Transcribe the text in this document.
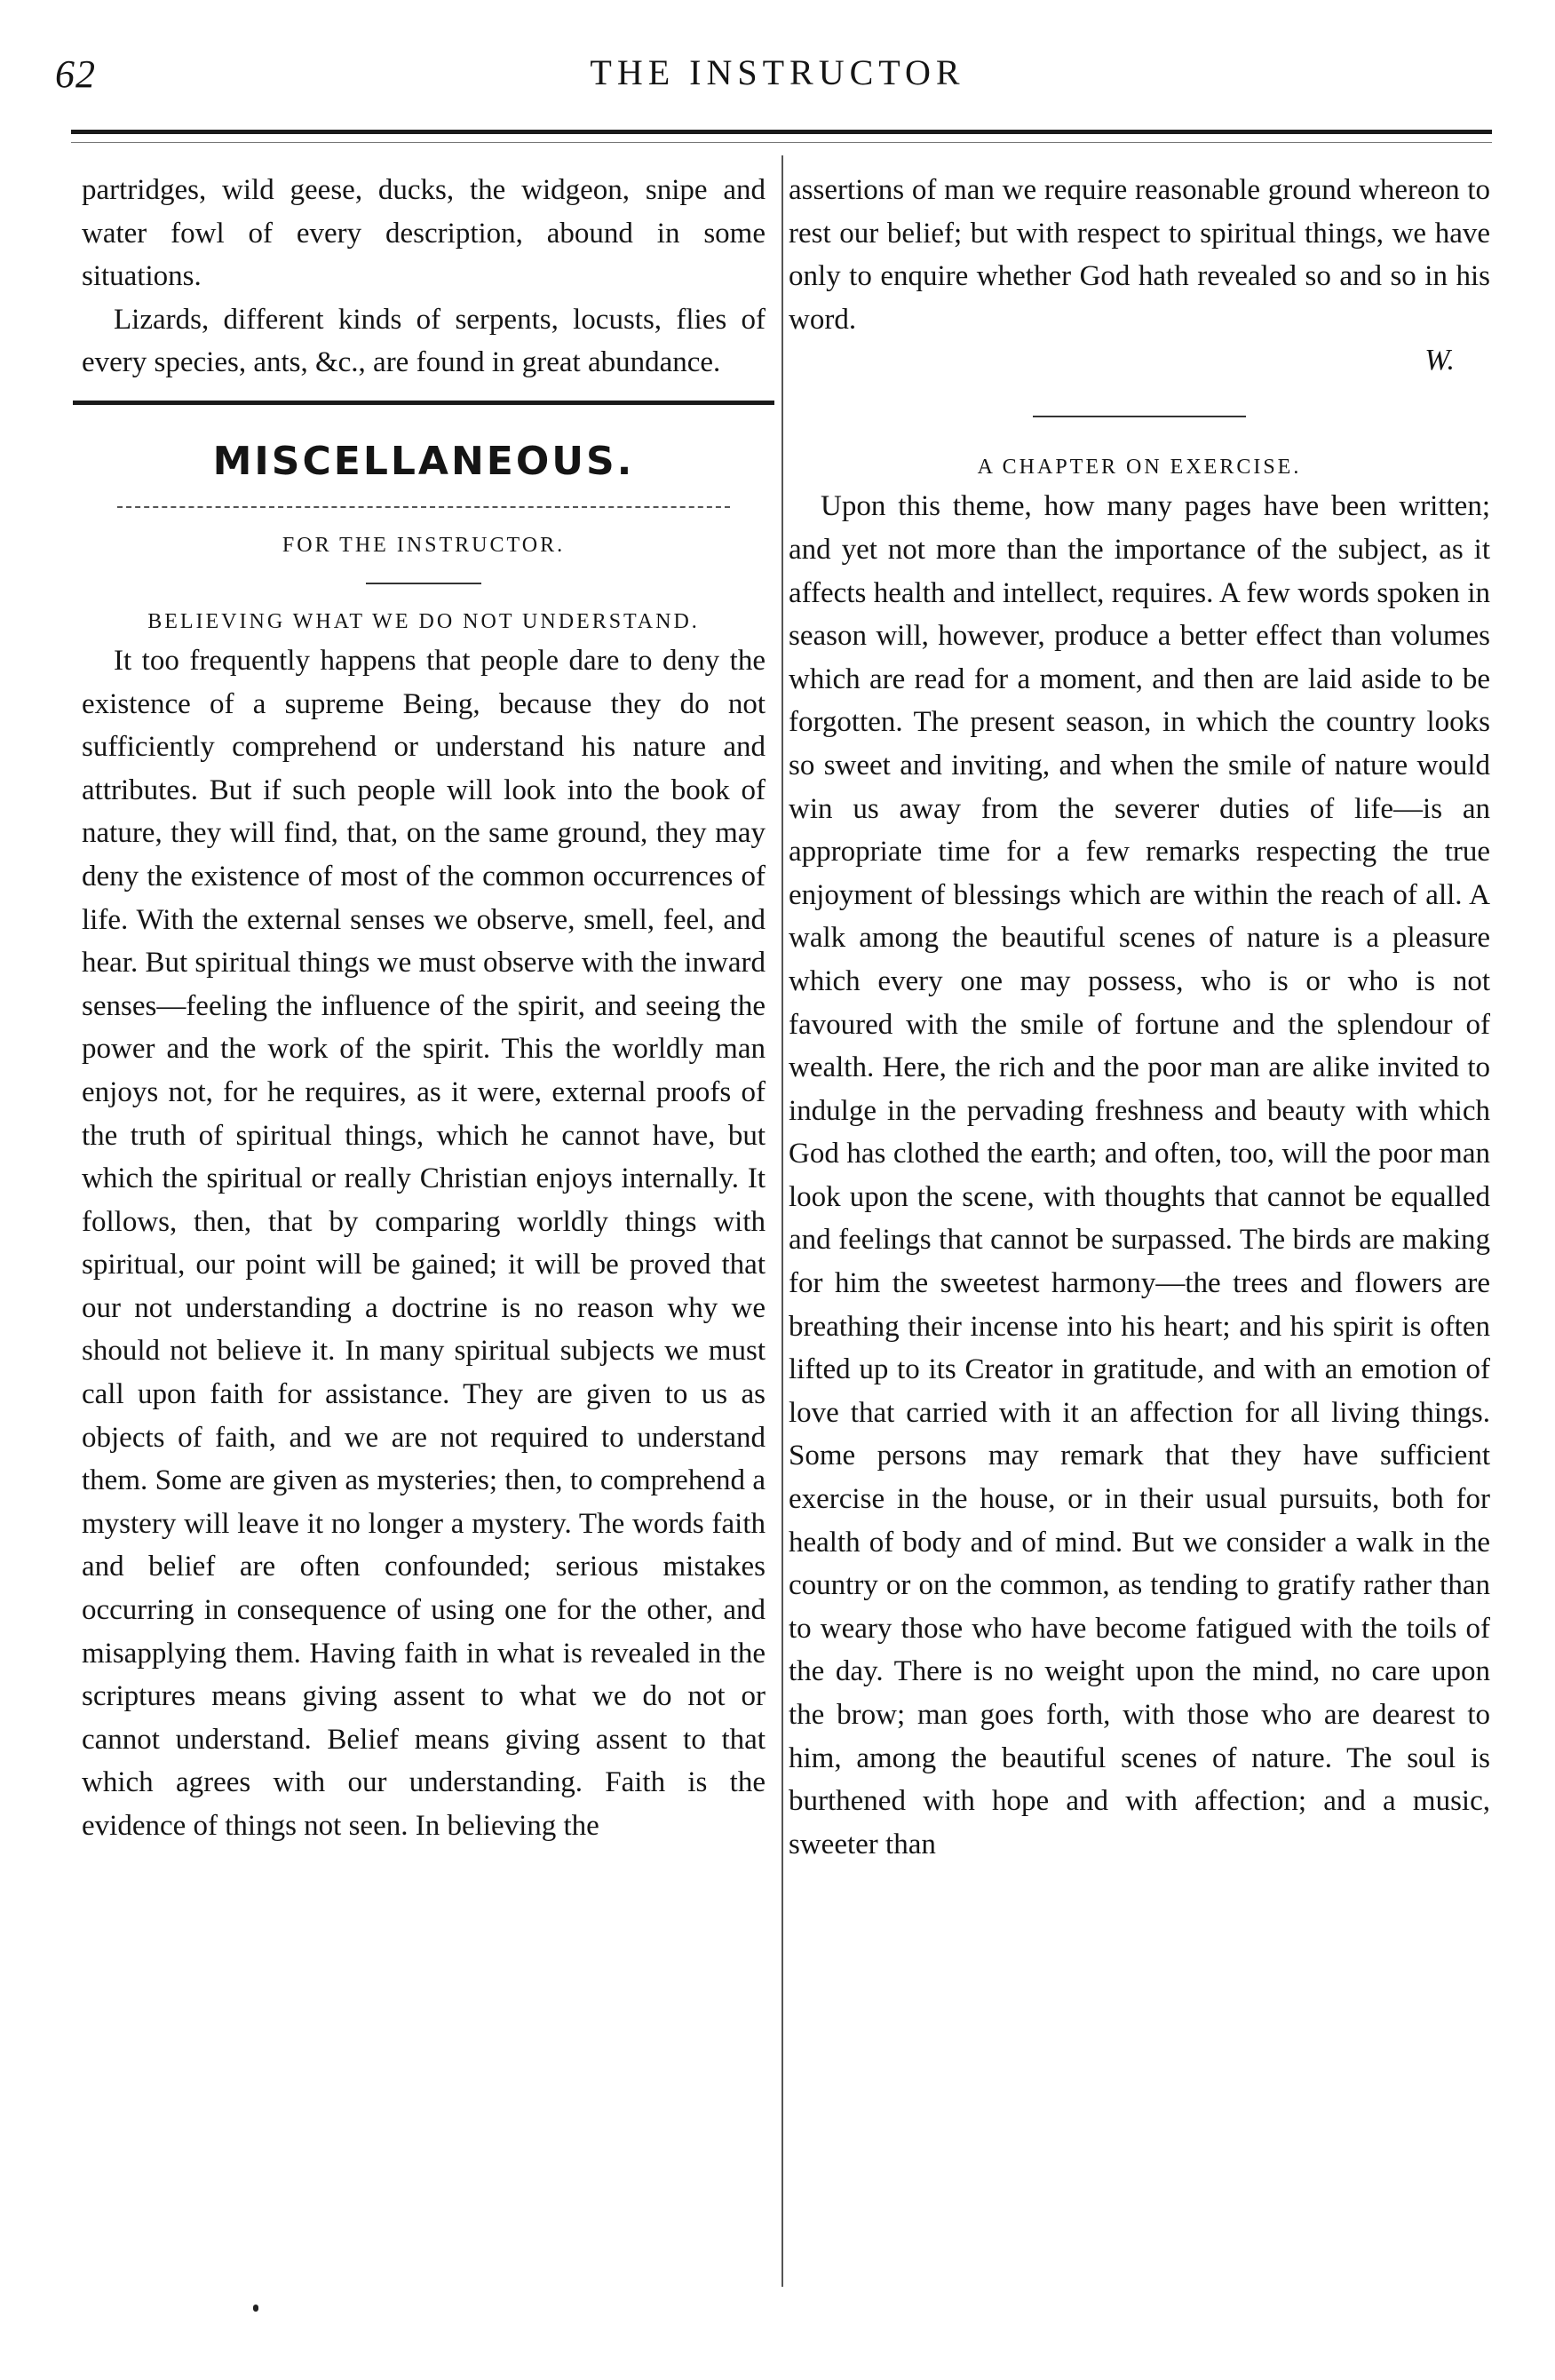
62	THE INSTRUCTOR

partridges, wild geese, ducks, the widgeon, snipe and water fowl of every description, abound in some situations.

Lizards, different kinds of serpents, locusts, flies of every species, ants, &c., are found in great abundance.

MISCELLANEOUS.
FOR THE INSTRUCTOR.
BELIEVING WHAT WE DO NOT UNDERSTAND.

It too frequently happens that people dare to deny the existence of a supreme Being, because they do not sufficiently comprehend or understand his nature and attributes. But if such people will look into the book of nature, they will find, that, on the same ground, they may deny the existence of most of the common occurrences of life. With the external senses we observe, smell, feel, and hear. But spiritual things we must observe with the inward senses—feeling the influence of the spirit, and seeing the power and the work of the spirit. This the worldly man enjoys not, for he requires, as it were, external proofs of the truth of spiritual things, which he cannot have, but which the spiritual or really Christian enjoys internally. It follows, then, that by comparing worldly things with spiritual, our point will be gained; it will be proved that our not understanding a doctrine is no reason why we should not believe it. In many spiritual subjects we must call upon faith for assistance. They are given to us as objects of faith, and we are not required to understand them. Some are given as mysteries; then, to comprehend a mystery will leave it no longer a mystery. The words faith and belief are often confounded; serious mistakes occurring in consequence of using one for the other, and misapplying them. Having faith in what is revealed in the scriptures means giving assent to what we do not or cannot understand. Belief means giving assent to that which agrees with our understanding. Faith is the evidence of things not seen. In believing the

assertions of man we require reasonable ground whereon to rest our belief; but with respect to spiritual things, we have only to enquire whether God hath revealed so and so in his word.

W.
A CHAPTER ON EXERCISE.

Upon this theme, how many pages have been written; and yet not more than the importance of the subject, as it affects health and intellect, requires. A few words spoken in season will, however, produce a better effect than volumes which are read for a moment, and then are laid aside to be forgotten. The present season, in which the country looks so sweet and inviting, and when the smile of nature would win us away from the severer duties of life—is an appropriate time for a few remarks respecting the true enjoyment of blessings which are within the reach of all. A walk among the beautiful scenes of nature is a pleasure which every one may possess, who is or who is not favoured with the smile of fortune and the splendour of wealth. Here, the rich and the poor man are alike invited to indulge in the pervading freshness and beauty with which God has clothed the earth; and often, too, will the poor man look upon the scene, with thoughts that cannot be equalled and feelings that cannot be surpassed. The birds are making for him the sweetest harmony—the trees and flowers are breathing their incense into his heart; and his spirit is often lifted up to its Creator in gratitude, and with an emotion of love that carried with it an affection for all living things. Some persons may remark that they have sufficient exercise in the house, or in their usual pursuits, both for health of body and of mind. But we consider a walk in the country or on the common, as tending to gratify rather than to weary those who have become fatigued with the toils of the day. There is no weight upon the mind, no care upon the brow; man goes forth, with those who are dearest to him, among the beautiful scenes of nature. The soul is burthened with hope and with affection; and a music, sweeter than
